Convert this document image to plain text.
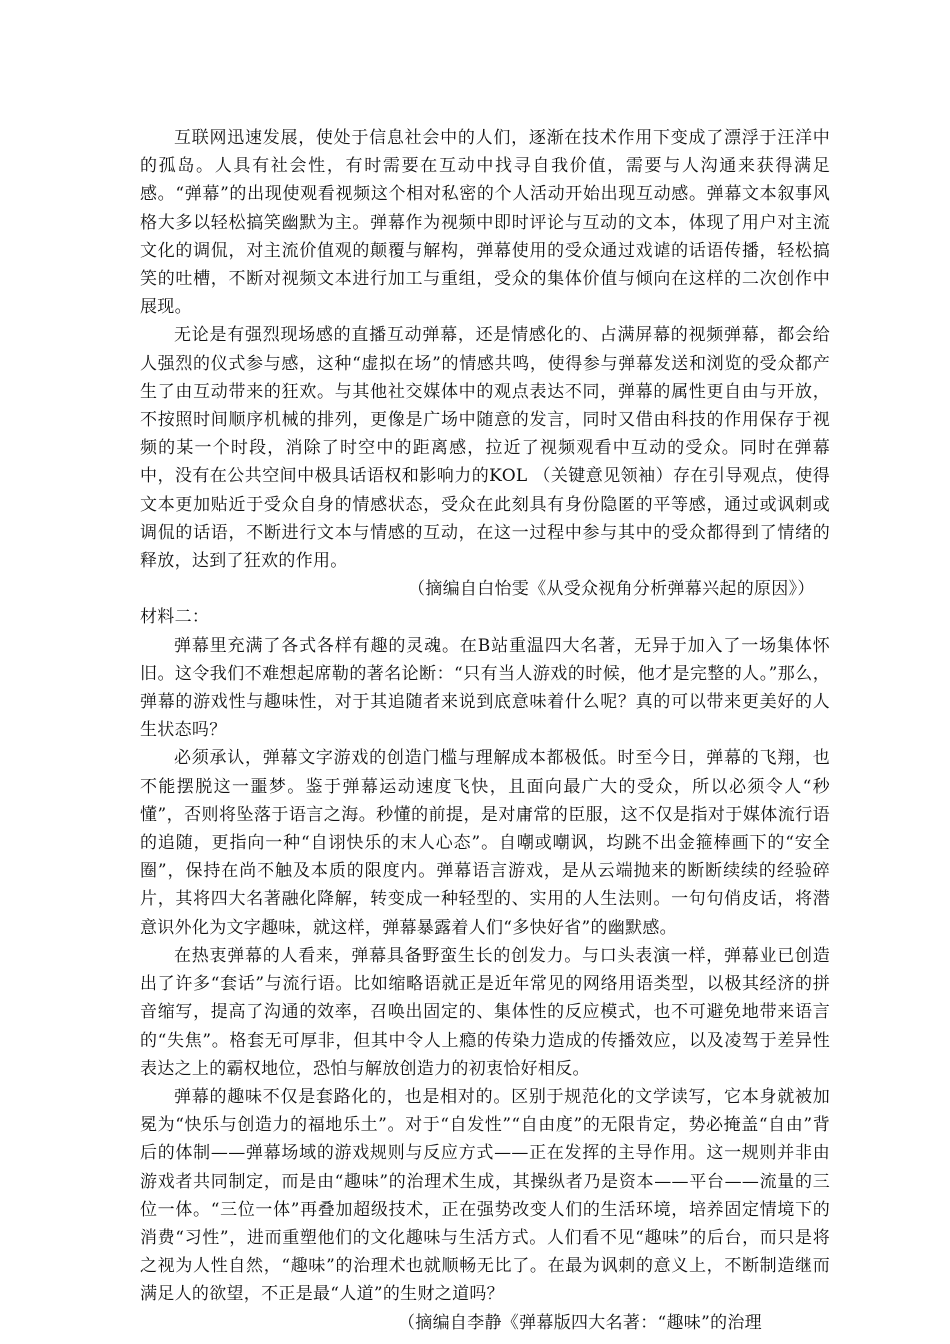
互联网迅速发展，使处于信息社会中的人们，逐渐在技术作用下变成了漂浮于汪洋中的孤岛。人具有社会性，有时需要在互动中找寻自我价值，需要与人沟通来获得满足感。“弹幕”的出现使观看视频这个相对私密的个人活动开始出现互动感。弹幕文本叙事风格大多以轻松搞笑幽默为主。弹幕作为视频中即时评论与互动的文本，体现了用户对主流文化的调侃，对主流价值观的颠覆与解构，弹幕使用的受众通过戏谑的话语传播，轻松搞笑的吐槽，不断对视频文本进行加工与重组，受众的集体价值与倾向在这样的二次创作中展现。

无论是有强烈现场感的直播互动弹幕，还是情感化的、占满屏幕的视频弹幕，都会给人强烈的仪式参与感，这种“虚拟在场”的情感共鸣，使得参与弹幕发送和浏览的受众都产生了由互动带来的狂欢。与其他社交媒体中的观点表达不同，弹幕的属性更自由与开放，不按照时间顺序机械的排列，更像是广场中随意的发言，同时又借由科技的作用保存于视频的某一个时段，消除了时空中的距离感，拉近了视频观看中互动的受众。同时在弹幕中，没有在公共空间中极具话语权和影响力的KOL （关键意见领袖）存在引导观点，使得文本更加贴近于受众自身的情感状态，受众在此刻具有身份隐匿的平等感，通过或讽刺或调侃的话语，不断进行文本与情感的互动，在这一过程中参与其中的受众都得到了情绪的释放，达到了狂欢的作用。

（摘编自白怡雯《从受众视角分析弹幕兴起的原因》）

材料二：

弹幕里充满了各式各样有趣的灵魂。在B站重温四大名著，无异于加入了一场集体怀旧。这令我们不难想起席勒的著名论断：“只有当人游戏的时候，他才是完整的人。”那么，弹幕的游戏性与趣味性，对于其追随者来说到底意味着什么呢？真的可以带来更美好的人生状态吗？

必须承认，弹幕文字游戏的创造门槛与理解成本都极低。时至今日，弹幕的飞翔，也不能摆脱这一噩梦。鉴于弹幕运动速度飞快，且面向最广大的受众，所以必须令人“秒懂”，否则将坠落于语言之海。秒懂的前提，是对庸常的臣服，这不仅是指对于媒体流行语的追随，更指向一种“自诩快乐的末人心态”。自嘲或嘲讽，均跳不出金箍棒画下的“安全圈”，保持在尚不触及本质的限度内。弹幕语言游戏，是从云端抛来的断断续续的经验碎片，其将四大名著融化降解，转变成一种轻型的、实用的人生法则。一句句俏皮话，将潜意识外化为文字趣味，就这样，弹幕暴露着人们“多快好省”的幽默感。

在热衷弹幕的人看来，弹幕具备野蛮生长的创发力。与口头表演一样，弹幕业已创造出了许多“套话”与流行语。比如缩略语就正是近年常见的网络用语类型，以极其经济的拼音缩写，提高了沟通的效率，召唤出固定的、集体性的反应模式，也不可避免地带来语言的“失焦”。格套无可厚非，但其中令人上瘾的传染力造成的传播效应，以及凌驾于差异性表达之上的霸权地位，恐怕与解放创造力的初衷恰好相反。

弹幕的趣味不仅是套路化的，也是相对的。区别于规范化的文学读写，它本身就被加冕为“快乐与创造力的福地乐土”。对于“自发性”“自由度”的无限肯定，势必掩盖“自由”背后的体制——弹幕场域的游戏规则与反应方式——正在发挥的主导作用。这一规则并非由游戏者共同制定，而是由“趣味”的治理术生成，其操纵者乃是资本——平台——流量的三位一体。“三位一体”再叠加超级技术，正在强势改变人们的生活环境，培养固定情境下的消费“习性”，进而重塑他们的文化趣味与生活方式。人们看不见“趣味”的后台，而只是将之视为人性自然，“趣味”的治理术也就顺畅无比了。在最为讽刺的意义上，不断制造继而满足人的欲望，不正是最“人道”的生财之道吗？

（摘编自李静《弹幕版四大名著：“趣味”的治理
